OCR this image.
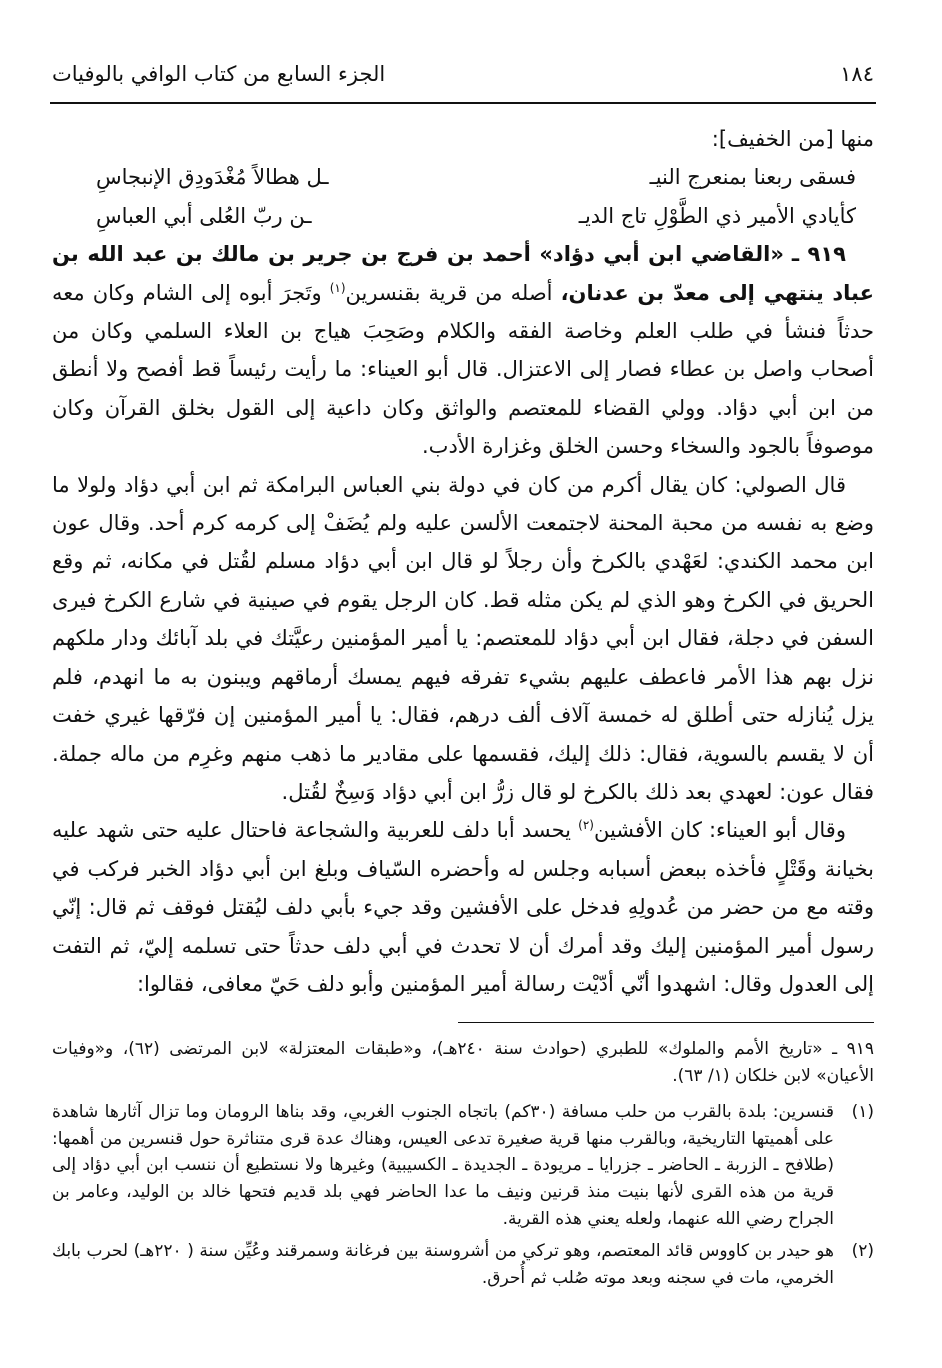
١٨٤
الجزء السابع من كتاب الوافي بالوفيات

منها [من الخفيف]:

فسقى ربعنا بمنعرج النيـ
ـل هطالاً مُغْدَودِق الإنبجاسِ
كأيادي الأمير ذي الطَّوْلِ تاج الديـ
ـن ربّ العُلى أبي العباسِ

٩١٩ ـ «القاضي ابن أبي دؤاد» أحمد بن فرج بن جرير بن مالك بن عبد الله بن عباد ينتهي إلى معدّ بن عدنان، أصله من قرية بقنسرين$^{(١)}$ وتَجرَ أبوه إلى الشام وكان معه حدثاً فنشأ في طلب العلم وخاصة الفقه والكلام وصَحِبَ هياج بن العلاء السلمي وكان من أصحاب واصل بن عطاء فصار إلى الاعتزال. قال أبو العيناء: ما رأيت رئيساً قط أفصح ولا أنطق من ابن أبي دؤاد. وولي القضاء للمعتصم والواثق وكان داعية إلى القول بخلق القرآن وكان موصوفاً بالجود والسخاء وحسن الخلق وغزارة الأدب.

قال الصولي: كان يقال أكرم من كان في دولة بني العباس البرامكة ثم ابن أبي دؤاد ولولا ما وضع به نفسه من محبة المحنة لاجتمعت الألسن عليه ولم يُضَفْ إلى كرمه كرم أحد. وقال عون ابن محمد الكندي: لعَهْدي بالكرخ وأن رجلاً لو قال ابن أبي دؤاد مسلم لقُتل في مكانه، ثم وقع الحريق في الكرخ وهو الذي لم يكن مثله قط. كان الرجل يقوم في صينية في شارع الكرخ فيرى السفن في دجلة، فقال ابن أبي دؤاد للمعتصم: يا أمير المؤمنين رعيَّتك في بلد آبائك ودار ملكهم نزل بهم هذا الأمر فاعطف عليهم بشيء تفرقه فيهم يمسك أرماقهم ويبنون به ما انهدم، فلم يزل يُنازله حتى أطلق له خمسة آلاف ألف درهم، فقال: يا أمير المؤمنين إن فرّقها غيري خفت أن لا يقسم بالسوية، فقال: ذلك إليك، فقسمها على مقادير ما ذهب منهم وغرِم من ماله جملة. فقال عون: لعهدي بعد ذلك بالكرخ لو قال زرُّ ابن أبي دؤاد وَسِخٌ لقُتل.

وقال أبو العيناء: كان الأفشين$^{(٢)}$ يحسد أبا دلف للعربية والشجاعة فاحتال عليه حتى شهد عليه بخيانة وقَتْلٍ فأخذه ببعض أسبابه وجلس له وأحضره السّياف وبلغ ابن أبي دؤاد الخبر فركب في وقته مع من حضر من عُدولِهِ فدخل على الأفشين وقد جيء بأبي دلف ليُقتل فوقف ثم قال: إنّي رسول أمير المؤمنين إليك وقد أمرك أن لا تحدث في أبي دلف حدثاً حتى تسلمه إليّ، ثم التفت إلى العدول وقال: اشهدوا أنّي أدّيْت رسالة أمير المؤمنين وأبو دلف حَيّ معافى، فقالوا:

٩١٩ ـ «تاريخ الأمم والملوك» للطبري (حوادث سنة ٢٤٠هـ)، و«طبقات المعتزلة» لابن المرتضى (٦٢)، و«وفيات الأعيان» لابن خلكان (١/ ٦٣).

(١)

قنسرين: بلدة بالقرب من حلب مسافة (٣٠كم) باتجاه الجنوب الغربي، وقد بناها الرومان وما تزال آثارها شاهدة على أهميتها التاريخية، وبالقرب منها قرية صغيرة تدعى العيس، وهناك عدة قرى متناثرة حول قنسرين من أهمها: (طلافح ـ الزربة ـ الحاضر ـ جزرايا ـ مريودة ـ الجديدة ـ الكسيبية) وغيرها ولا نستطيع أن ننسب ابن أبي دؤاد إلى قرية من هذه القرى لأنها بنيت منذ قرنين ونيف ما عدا الحاضر فهي بلد قديم فتحها خالد بن الوليد، وعامر بن الجراح رضي الله عنهما، ولعله يعني هذه القرية.

(٢)

هو حيدر بن كاووس قائد المعتصم، وهو تركي من أشروسنة بين فرغانة وسمرقند وعُيِّن سنة ( ٢٢٠هـ) لحرب بابك الخرمي، مات في سجنه وبعد موته صُلب ثم أُحرق.
